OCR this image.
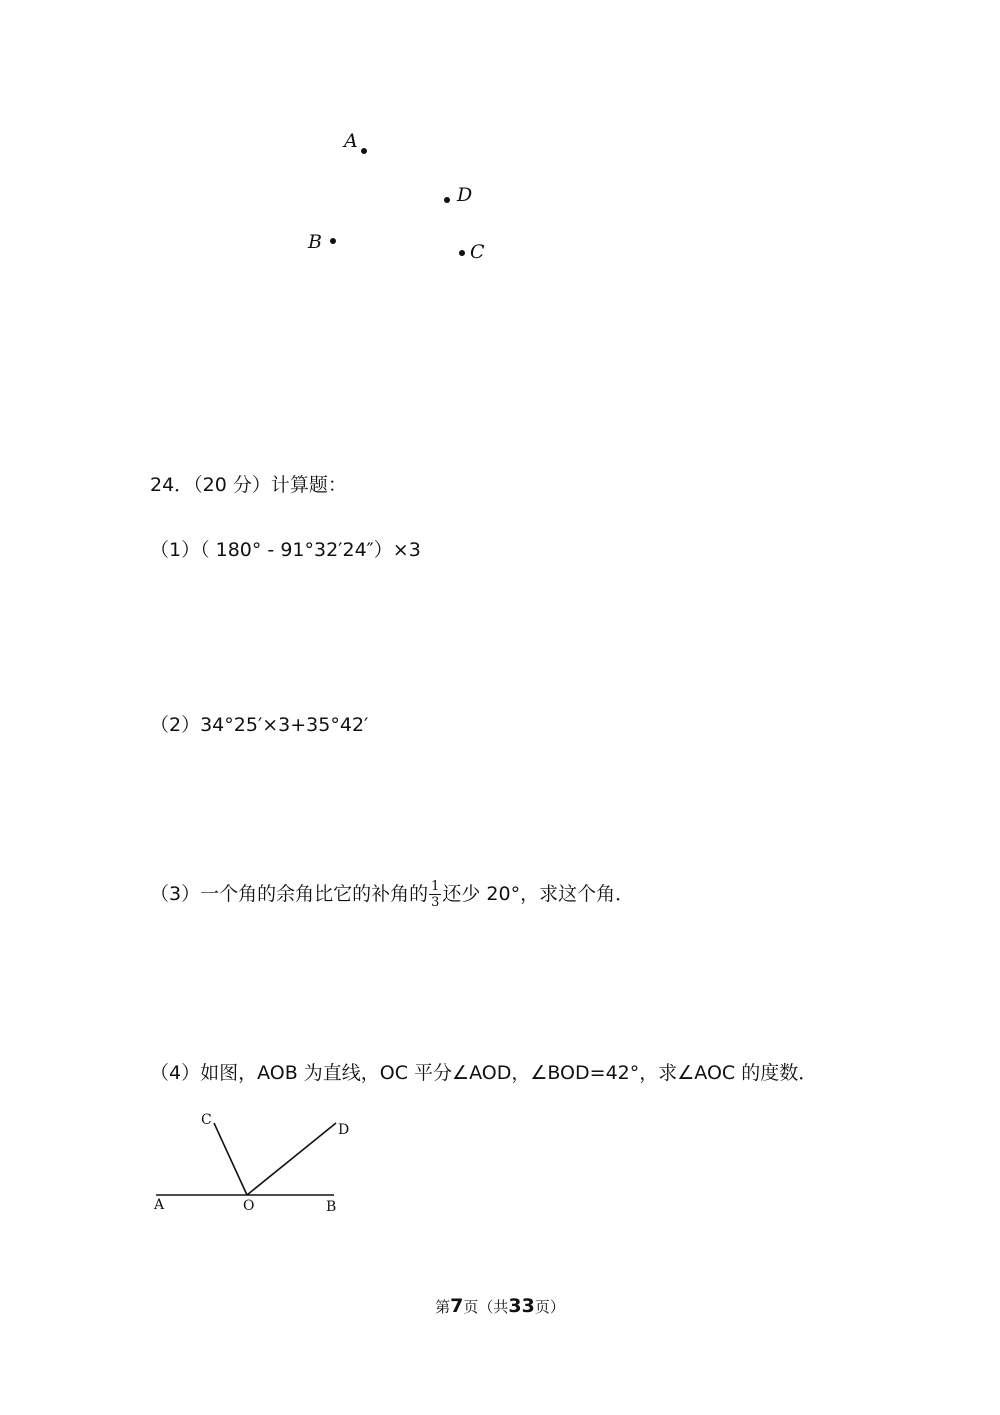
A
D
B	C
24．（20 分）计算题：
（1）（ 180° - 91°32′24″）×3
（2）34°25′×3+35°42′
（3）一个角的余角比它的补角的 $\frac{1}{3}$ 还少 20°，求这个角．
（4）如图，AOB 为直线，OC 平分∠AOD，∠BOD=42°，求∠AOC 的度数．
A	O	B
C
D
第7页（共33页）
